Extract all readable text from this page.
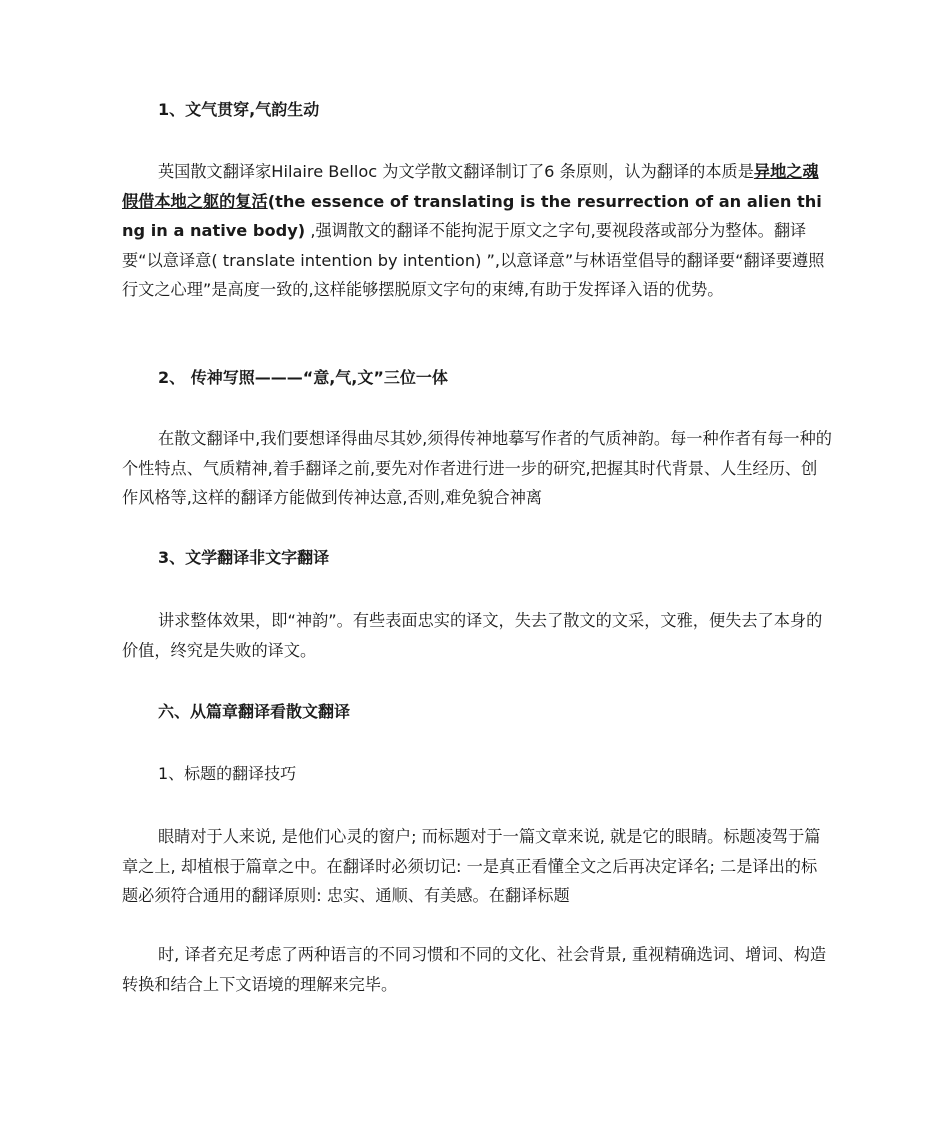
1、文气贯穿,气韵生动
英国散文翻译家Hilaire Belloc 为文学散文翻译制订了6 条原则，认为翻译的本质是异地之魂假借本地之躯的复活(the essence of translating is the resurrection of an alien thing in a native body) ,强调散文的翻译不能拘泥于原文之字句,要视段落或部分为整体。翻译要“以意译意( translate intention by intention) ”,以意译意”与林语堂倡导的翻译要“翻译要遵照行文之心理”是高度一致的,这样能够摆脱原文字句的束缚,有助于发挥译入语的优势。
2、 传神写照———“意,气,文”三位一体
在散文翻译中,我们要想译得曲尽其妙,须得传神地摹写作者的气质神韵。每一种作者有每一种的个性特点、气质精神,着手翻译之前,要先对作者进行进一步的研究,把握其时代背景、人生经历、创作风格等,这样的翻译方能做到传神达意,否则,难免貌合神离
3、文学翻译非文字翻译
讲求整体效果，即“神韵”。有些表面忠实的译文，失去了散文的文采，文雅，便失去了本身的价值，终究是失败的译文。
六、从篇章翻译看散文翻译
1、标题的翻译技巧
眼睛对于人来说, 是他们心灵的窗户; 而标题对于一篇文章来说, 就是它的眼睛。标题凌驾于篇章之上, 却植根于篇章之中。在翻译时必须切记: 一是真正看懂全文之后再决定译名; 二是译出的标题必须符合通用的翻译原则: 忠实、通顺、有美感。在翻译标题
时, 译者充足考虑了两种语言的不同习惯和不同的文化、社会背景, 重视精确选词、增词、构造转换和结合上下文语境的理解来完毕。
